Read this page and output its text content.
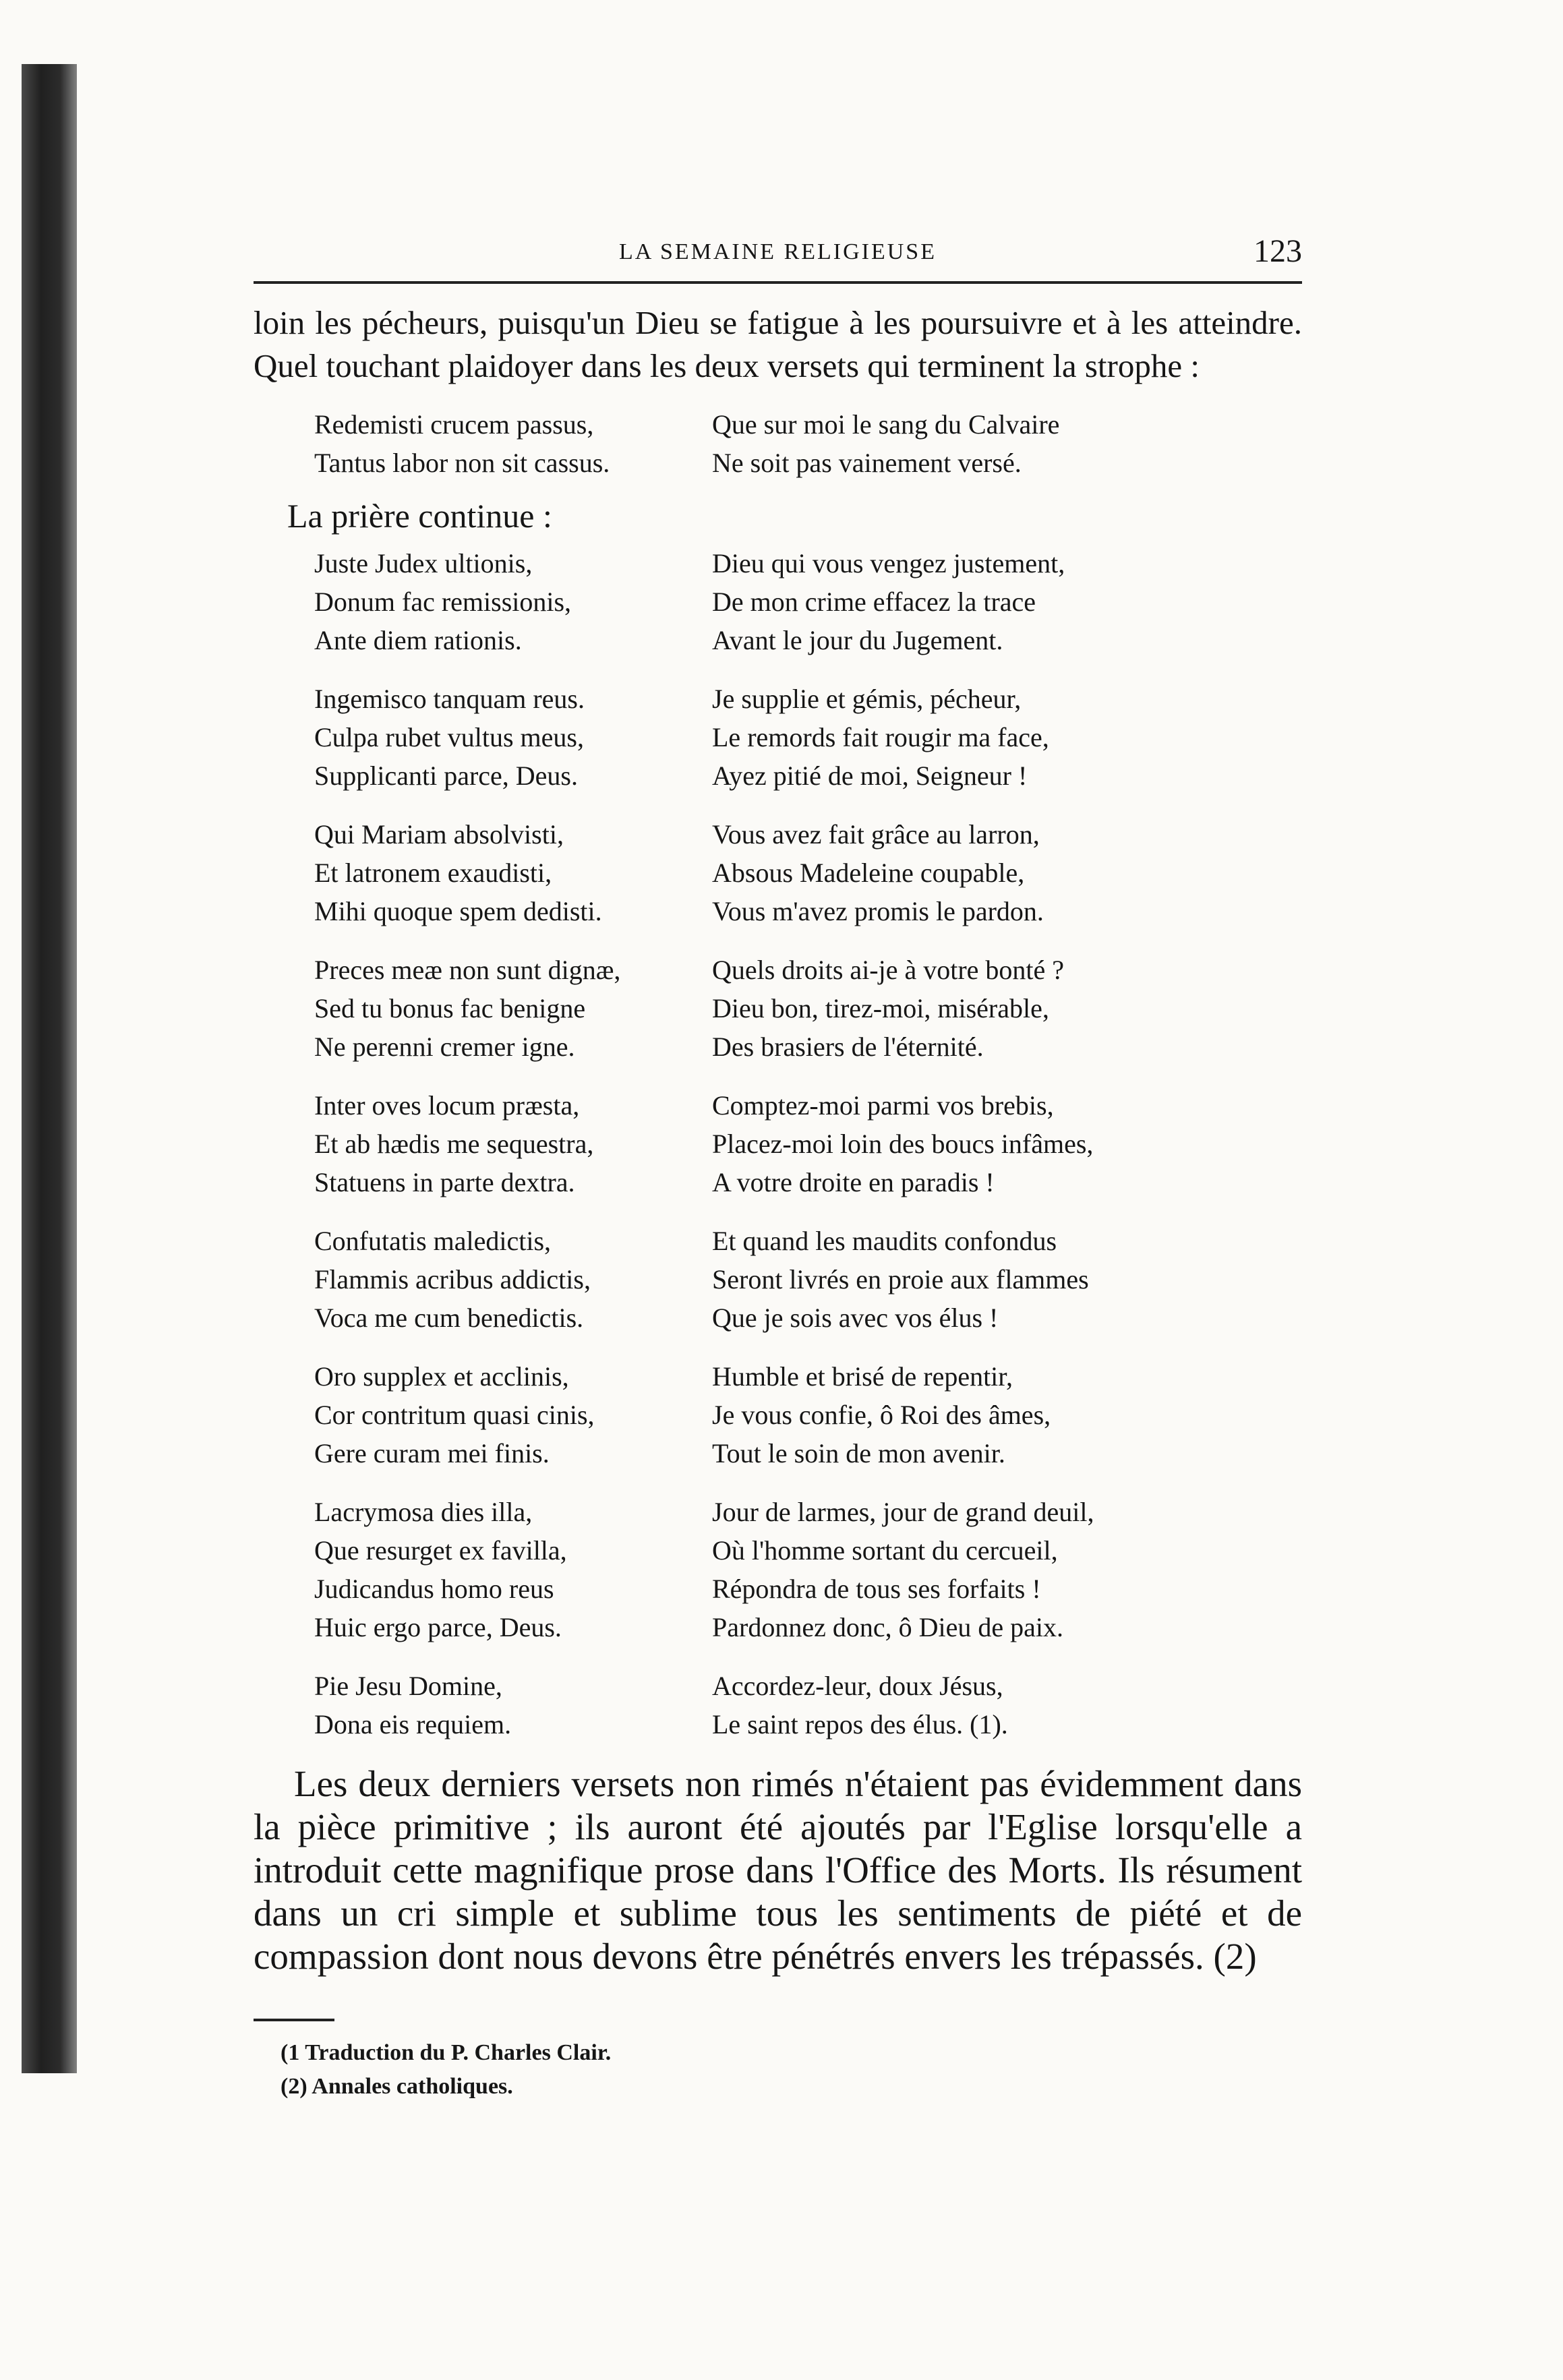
LA SEMAINE RELIGIEUSE	123

loin les pécheurs, puisqu'un Dieu se fatigue à les poursuivre et à les atteindre. Quel touchant plaidoyer dans les deux versets qui terminent la strophe :

Redemisti crucem passus,	Que sur moi le sang du Calvaire
Tantus labor non sit cassus.	Ne soit pas vainement versé.
La prière continue :
Juste Judex ultionis,	Dieu qui vous vengez justement,
Donum fac remissionis,	De mon crime effacez la trace
Ante diem rationis.	Avant le jour du Jugement.
Ingemisco tanquam reus.	Je supplie et gémis, pécheur,
Culpa rubet vultus meus,	Le remords fait rougir ma face,
Supplicanti parce, Deus.	Ayez pitié de moi, Seigneur !
Qui Mariam absolvisti,	Vous avez fait grâce au larron,
Et latronem exaudisti,	Absous Madeleine coupable,
Mihi quoque spem dedisti.	Vous m'avez promis le pardon.
Preces meæ non sunt dignæ,	Quels droits ai-je à votre bonté ?
Sed tu bonus fac benigne	Dieu bon, tirez-moi, misérable,
Ne perenni cremer igne.	Des brasiers de l'éternité.
Inter oves locum præsta,	Comptez-moi parmi vos brebis,
Et ab hædis me sequestra,	Placez-moi loin des boucs infâmes,
Statuens in parte dextra.	A votre droite en paradis !
Confutatis maledictis,	Et quand les maudits confondus
Flammis acribus addictis,	Seront livrés en proie aux flammes
Voca me cum benedictis.	Que je sois avec vos élus !
Oro supplex et acclinis,	Humble et brisé de repentir,
Cor contritum quasi cinis,	Je vous confie, ô Roi des âmes,
Gere curam mei finis.	Tout le soin de mon avenir.
Lacrymosa dies illa,	Jour de larmes, jour de grand deuil,
Que resurget ex favilla,	Où l'homme sortant du cercueil,
Judicandus homo reus	Répondra de tous ses forfaits !
Huic ergo parce, Deus.	Pardonnez donc, ô Dieu de paix.
Pie Jesu Domine,	Accordez-leur, doux Jésus,
Dona eis requiem.	Le saint repos des élus. (1).

Les deux derniers versets non rimés n'étaient pas évidemment dans la pièce primitive ; ils auront été ajoutés par l'Eglise lorsqu'elle a introduit cette magnifique prose dans l'Office des Morts. Ils résument dans un cri simple et sublime tous les sentiments de piété et de compassion dont nous devons être pénétrés envers les trépassés. (2)

(1 Traduction du P. Charles Clair.
(2) Annales catholiques.
